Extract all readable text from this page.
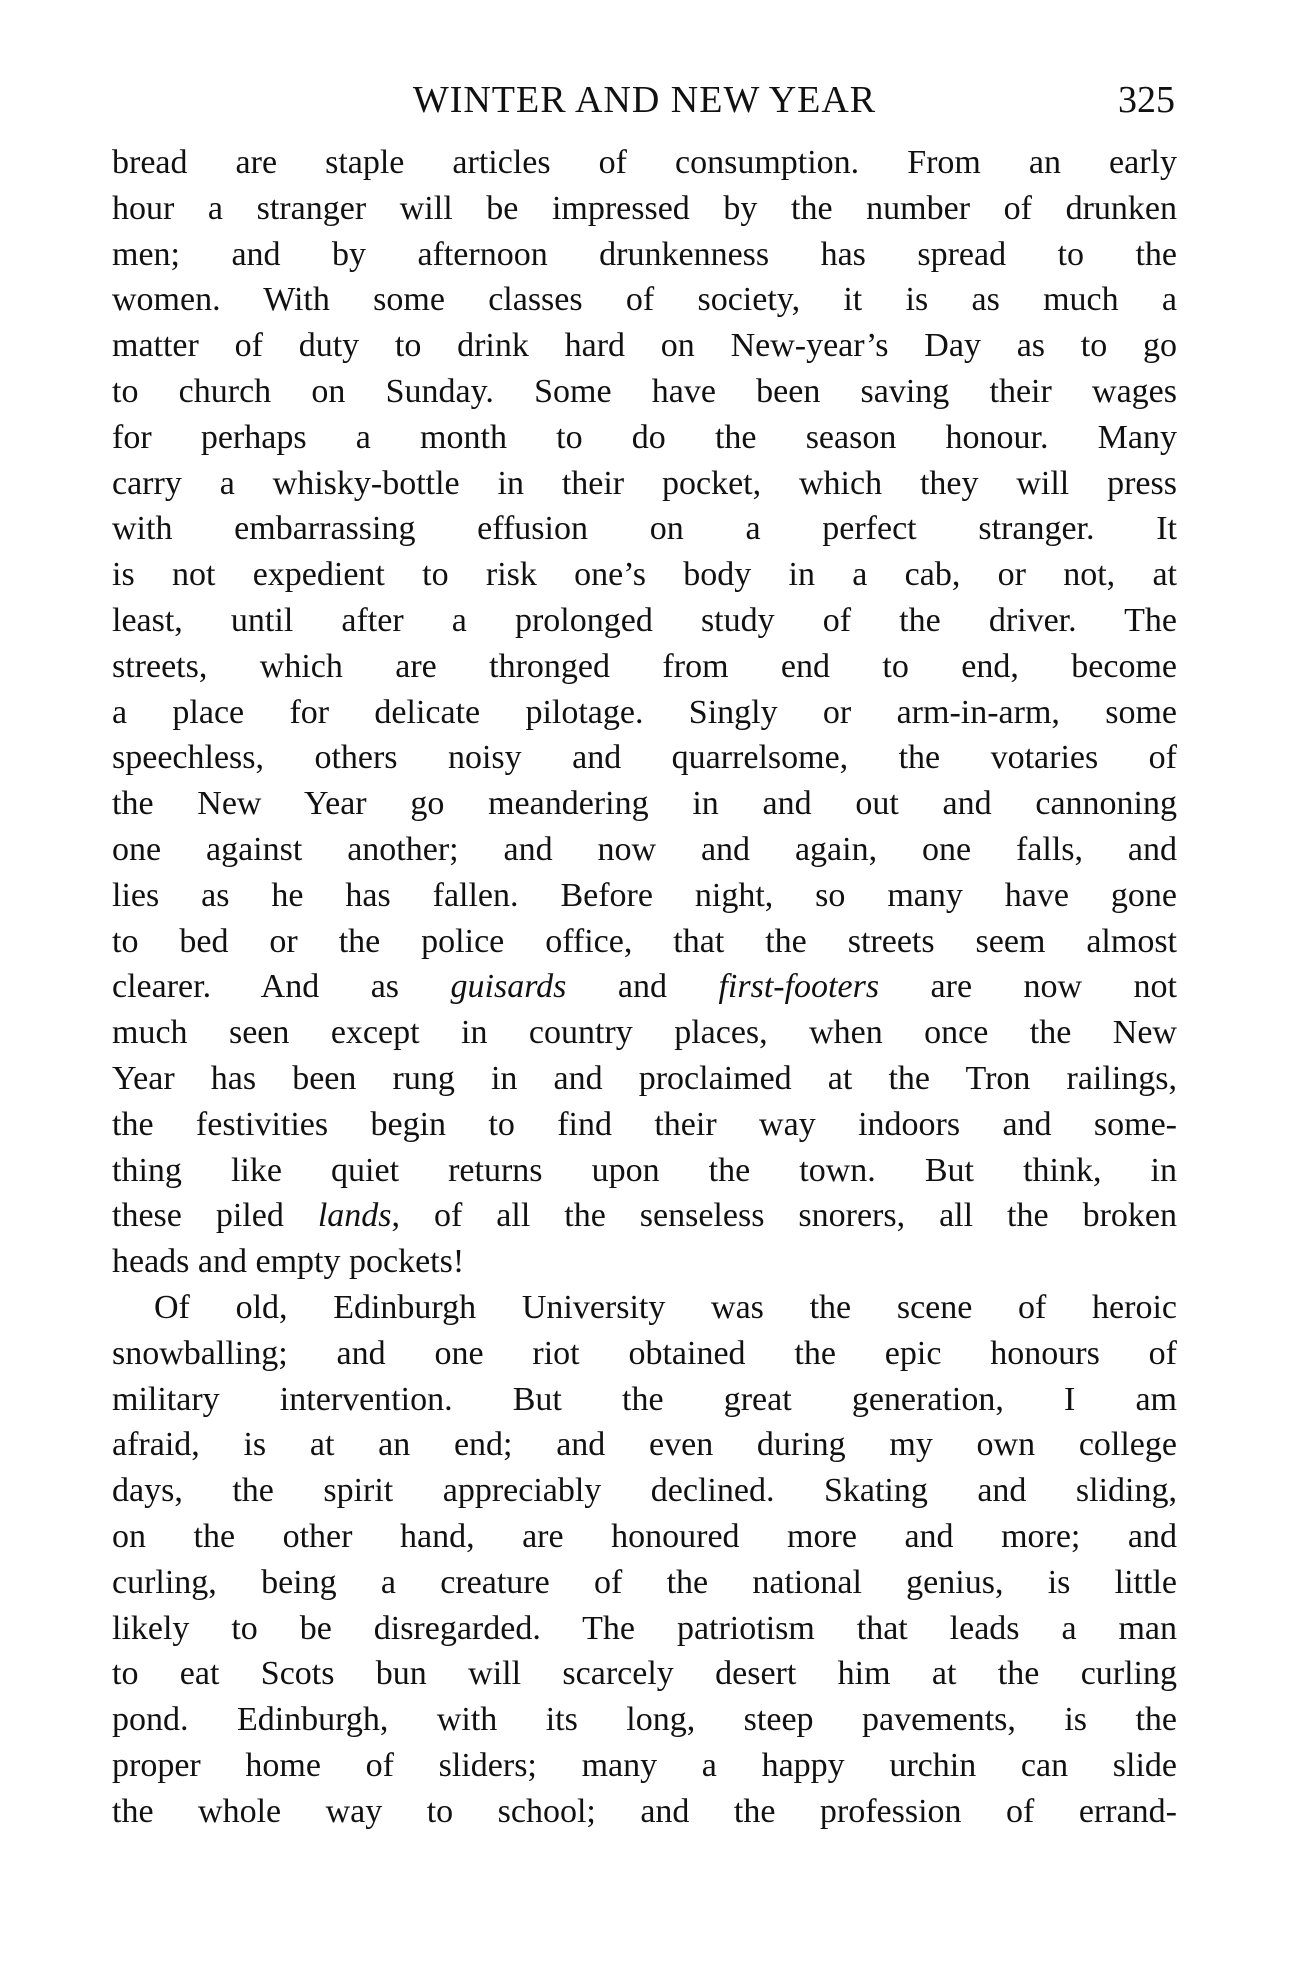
WINTER AND NEW YEAR	325

bread are staple articles of consumption. From an early
hour a stranger will be impressed by the number of drunken
men; and by afternoon drunkenness has spread to the
women. With some classes of society, it is as much a
matter of duty to drink hard on New-year’s Day as to go
to church on Sunday. Some have been saving their wages
for perhaps a month to do the season honour. Many
carry a whisky-bottle in their pocket, which they will press
with embarrassing effusion on a perfect stranger. It
is not expedient to risk one’s body in a cab, or not, at
least, until after a prolonged study of the driver. The
streets, which are thronged from end to end, become
a place for delicate pilotage. Singly or arm-in-arm, some
speechless, others noisy and quarrelsome, the votaries of
the New Year go meandering in and out and cannoning
one against another; and now and again, one falls, and
lies as he has fallen. Before night, so many have gone
to bed or the police office, that the streets seem almost
clearer. And as guisards and first-footers are now not
much seen except in country places, when once the New
Year has been rung in and proclaimed at the Tron railings,
the festivities begin to find their way indoors and some-
thing like quiet returns upon the town. But think, in
these piled lands, of all the senseless snorers, all the broken
heads and empty pockets!

Of old, Edinburgh University was the scene of heroic
snowballing; and one riot obtained the epic honours of
military intervention. But the great generation, I am
afraid, is at an end; and even during my own college
days, the spirit appreciably declined. Skating and sliding,
on the other hand, are honoured more and more; and
curling, being a creature of the national genius, is little
likely to be disregarded. The patriotism that leads a man
to eat Scots bun will scarcely desert him at the curling
pond. Edinburgh, with its long, steep pavements, is the
proper home of sliders; many a happy urchin can slide
the whole way to school; and the profession of errand-
